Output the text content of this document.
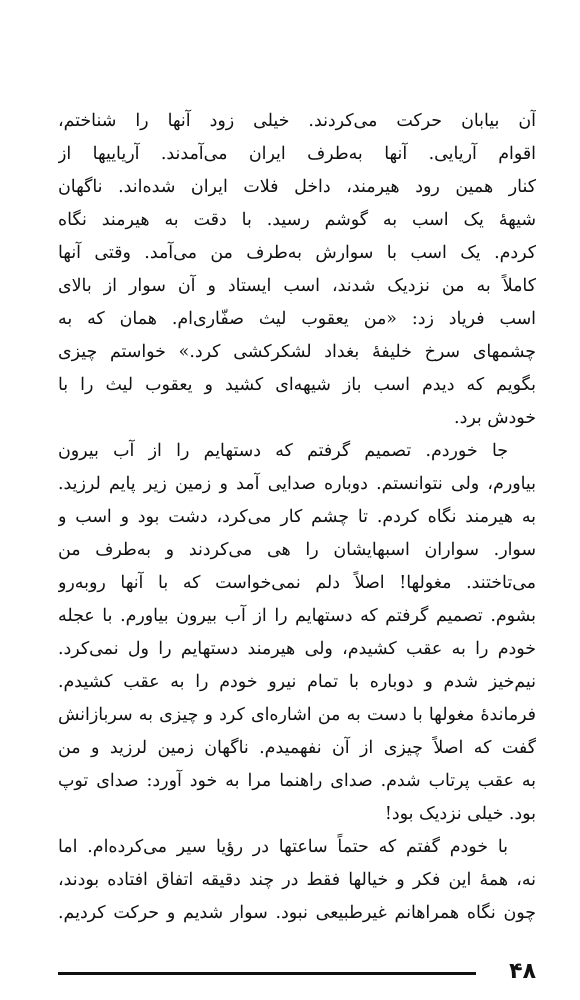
آن بیابان حرکت می‌کردند. خیلی زود آنها را شناختم،
اقوام آریایی. آنها به‌طرف ایران می‌آمدند. آریاییها از
کنار همین رود هیرمند، داخل فلات ایران شده‌اند. ناگهان
شیهۀ یک اسب به گوشم رسید. با دقت به هیرمند نگاه
کردم. یک اسب با سوارش به‌طرف من می‌آمد. وقتی آنها
کاملاً به من نزدیک شدند، اسب ایستاد و آن سوار از بالای
اسب فریاد زد: «من یعقوب لیث صفّاری‌ام. همان که به
چشمهای سرخ خلیفۀ بغداد لشکرکشی کرد.» خواستم چیزی
بگویم که دیدم اسب باز شیهه‌ای کشید و یعقوب لیث را با
خودش برد.
جا خوردم. تصمیم گرفتم که دستهایم را از آب بیرون
بیاورم، ولی نتوانستم. دوباره صدایی آمد و زمین زیر پایم لرزید.
به هیرمند نگاه کردم. تا چشم کار می‌کرد، دشت بود و اسب و
سوار. سواران اسبهایشان را هی می‌کردند و به‌طرف من
می‌تاختند. مغولها! اصلاً دلم نمی‌خواست که با آنها روبه‌رو
بشوم. تصمیم گرفتم که دستهایم را از آب بیرون بیاورم. با عجله
خودم را به عقب کشیدم، ولی هیرمند دستهایم را ول نمی‌کرد.
نیم‌خیز شدم و دوباره با تمام نیرو خودم را به عقب کشیدم.
فرماندۀ مغولها با دست به من اشاره‌ای کرد و چیزی به سربازانش
گفت که اصلاً چیزی از آن نفهمیدم. ناگهان زمین لرزید و من
به عقب پرتاب شدم. صدای راهنما مرا به خود آورد: صدای توپ
بود. خیلی نزدیک بود!
با خودم گفتم که حتماً ساعتها در رؤیا سیر می‌کرده‌ام. اما
نه، همۀ این فکر و خیالها فقط در چند دقیقه اتفاق افتاده بودند،
چون نگاه همراهانم غیرطبیعی نبود. سوار شدیم و حرکت کردیم.
۴۸
